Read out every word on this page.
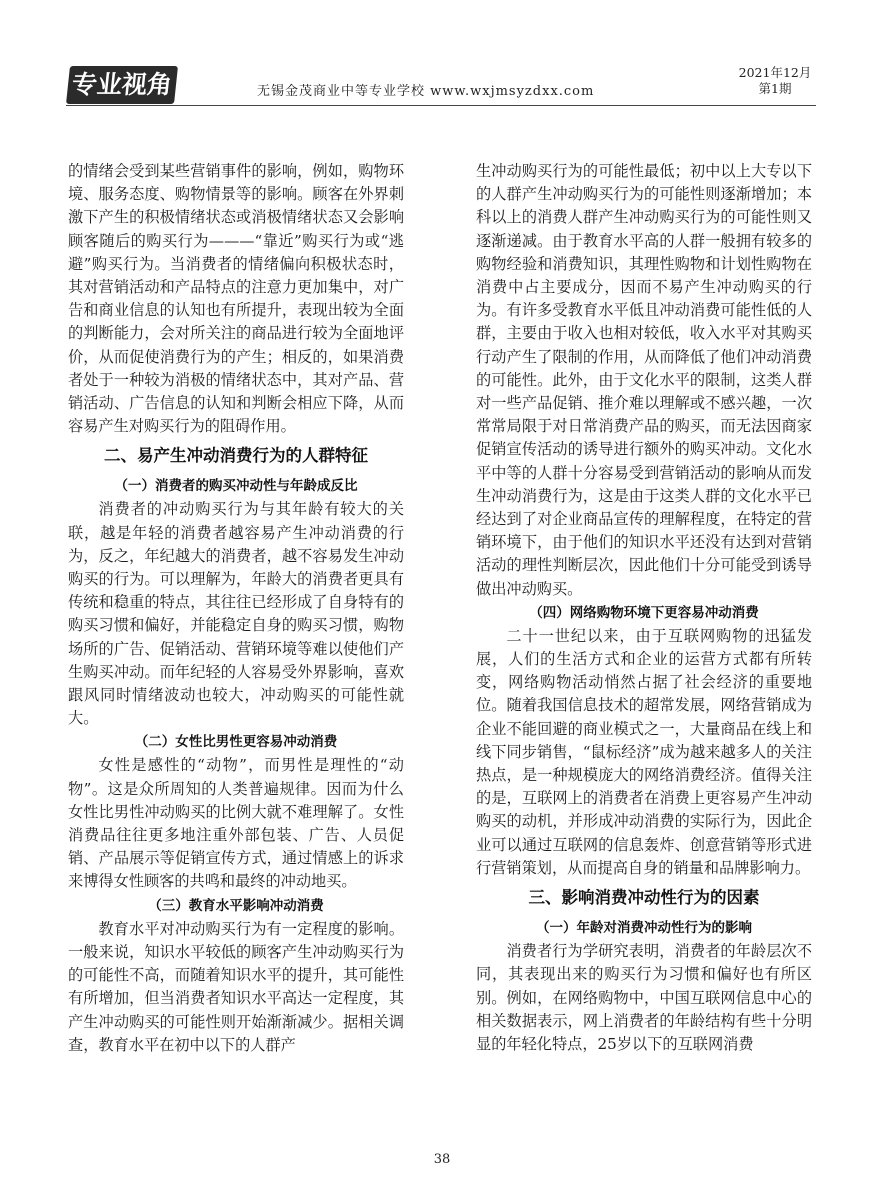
专业视角	无锡金茂商业中等专业学校 www.wxjmsyzdxx.com
2021年12月
第1期

的情绪会受到某些营销事件的影响，例如，购物环境、服务态度、购物情景等的影响。顾客在外界刺激下产生的积极情绪状态或消极情绪状态又会影响顾客随后的购买行为———“靠近”购买行为或“逃避”购买行为。当消费者的情绪偏向积极状态时，其对营销活动和产品特点的注意力更加集中，对广告和商业信息的认知也有所提升，表现出较为全面的判断能力，会对所关注的商品进行较为全面地评价，从而促使消费行为的产生；相反的，如果消费者处于一种较为消极的情绪状态中，其对产品、营销活动、广告信息的认知和判断会相应下降，从而容易产生对购买行为的阻碍作用。

二、易产生冲动消费行为的人群特征
（一）消费者的购买冲动性与年龄成反比

消费者的冲动购买行为与其年龄有较大的关联，越是年轻的消费者越容易产生冲动消费的行为，反之，年纪越大的消费者，越不容易发生冲动购买的行为。可以理解为，年龄大的消费者更具有传统和稳重的特点，其往往已经形成了自身特有的购买习惯和偏好，并能稳定自身的购买习惯，购物场所的广告、促销活动、营销环境等难以使他们产生购买冲动。而年纪轻的人容易受外界影响，喜欢跟风同时情绪波动也较大，冲动购买的可能性就大。

（二）女性比男性更容易冲动消费

女性是感性的“动物”，而男性是理性的“动物”。这是众所周知的人类普遍规律。因而为什么女性比男性冲动购买的比例大就不难理解了。女性消费品往往更多地注重外部包装、广告、人员促销、产品展示等促销宣传方式，通过情感上的诉求来博得女性顾客的共鸣和最终的冲动地买。

（三）教育水平影响冲动消费

教育水平对冲动购买行为有一定程度的影响。一般来说，知识水平较低的顾客产生冲动购买行为的可能性不高，而随着知识水平的提升，其可能性有所增加，但当消费者知识水平高达一定程度，其产生冲动购买的可能性则开始渐渐减少。据相关调查，教育水平在初中以下的人群产

生冲动购买行为的可能性最低；初中以上大专以下的人群产生冲动购买行为的可能性则逐渐增加；本科以上的消费人群产生冲动购买行为的可能性则又逐渐递减。由于教育水平高的人群一般拥有较多的购物经验和消费知识，其理性购物和计划性购物在消费中占主要成分，因而不易产生冲动购买的行为。有许多受教育水平低且冲动消费可能性低的人群，主要由于收入也相对较低，收入水平对其购买行动产生了限制的作用，从而降低了他们冲动消费的可能性。此外，由于文化水平的限制，这类人群对一些产品促销、推介难以理解或不感兴趣，一次常常局限于对日常消费产品的购买，而无法因商家促销宣传活动的诱导进行额外的购买冲动。文化水平中等的人群十分容易受到营销活动的影响从而发生冲动消费行为，这是由于这类人群的文化水平已经达到了对企业商品宣传的理解程度，在特定的营销环境下，由于他们的知识水平还没有达到对营销活动的理性判断层次，因此他们十分可能受到诱导做出冲动购买。

（四）网络购物环境下更容易冲动消费

二十一世纪以来，由于互联网购物的迅猛发展，人们的生活方式和企业的运营方式都有所转变，网络购物活动悄然占据了社会经济的重要地位。随着我国信息技术的超常发展，网络营销成为企业不能回避的商业模式之一，大量商品在线上和线下同步销售，“鼠标经济”成为越来越多人的关注热点，是一种规模庞大的网络消费经济。值得关注的是，互联网上的消费者在消费上更容易产生冲动购买的动机，并形成冲动消费的实际行为，因此企业可以通过互联网的信息轰炸、创意营销等形式进行营销策划，从而提高自身的销量和品牌影响力。

三、影响消费冲动性行为的因素
（一）年龄对消费冲动性行为的影响

消费者行为学研究表明，消费者的年龄层次不同，其表现出来的购买行为习惯和偏好也有所区别。例如，在网络购物中，中国互联网信息中心的相关数据表示，网上消费者的年龄结构有些十分明显的年轻化特点，25岁以下的互联网消费

38
